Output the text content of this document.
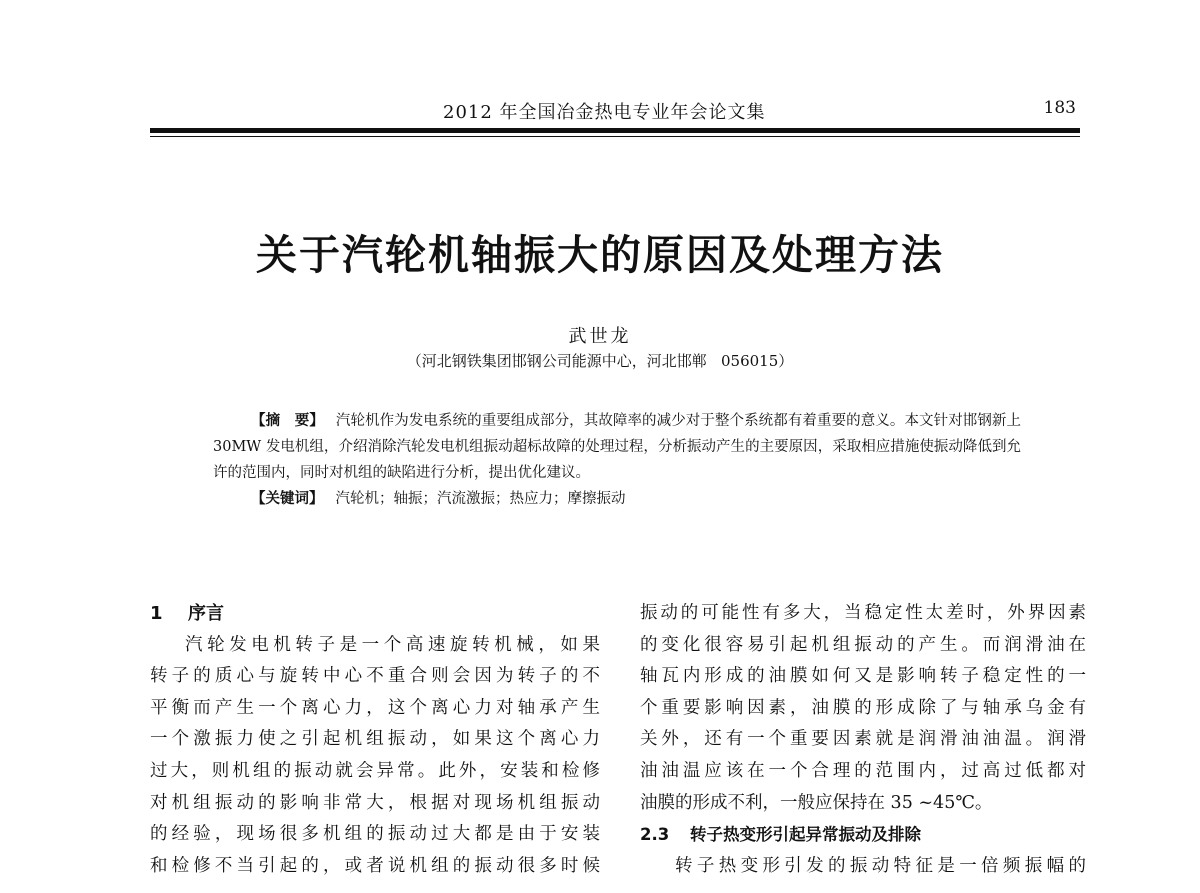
2012 年全国冶金热电专业年会论文集	183
关于汽轮机轴振大的原因及处理方法
武世龙
（河北钢铁集团邯钢公司能源中心，河北邯郸   056015）

【摘　要】 汽轮机作为发电系统的重要组成部分，其故障率的减少对于整个系统都有着重要的意义。本文针对邯钢新上 30MW 发电机组，介绍消除汽轮发电机组振动超标故障的处理过程，分析振动产生的主要原因，采取相应措施使振动降低到允许的范围内，同时对机组的缺陷进行分析，提出优化建议。

【关键词】 汽轮机；轴振；汽流激振；热应力；摩擦振动

1 序言
汽轮发电机转子是一个高速旋转机械，如果
转子的质心与旋转中心不重合则会因为转子的不
平衡而产生一个离心力，这个离心力对轴承产生
一个激振力使之引起机组振动，如果这个离心力
过大，则机组的振动就会异常。此外，安装和检修
对机组振动的影响非常大，根据对现场机组振动
的经验，现场很多机组的振动过大都是由于安装
和检修不当引起的，或者说机组的振动很多时候
振动的可能性有多大，当稳定性太差时，外界因素
的变化很容易引起机组振动的产生。而润滑油在
轴瓦内形成的油膜如何又是影响转子稳定性的一
个重要影响因素，油膜的形成除了与轴承乌金有
关外，还有一个重要因素就是润滑油油温。润滑
油油温应该在一个合理的范围内，过高过低都对
油膜的形成不利，一般应保持在 35 ~45℃。
2.3 转子热变形引起异常振动及排除
转子热变形引发的振动特征是一倍频振幅的
